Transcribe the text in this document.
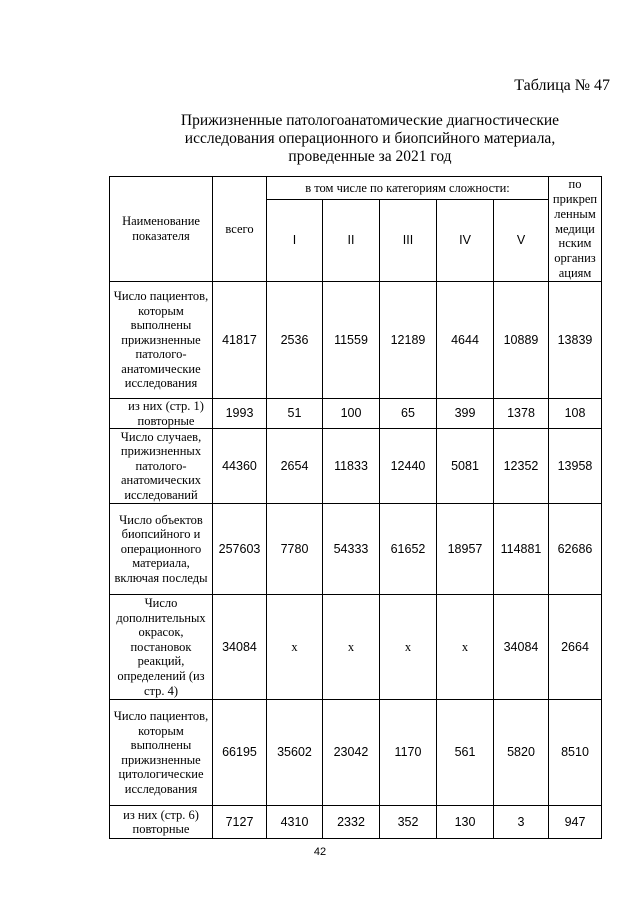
Таблица № 47
Прижизненные патологоанатомические диагностические
исследования операционного и биопсийного материала,
проведенные за 2021 год
Наименование показателя	всего	в том числе по категориям сложности:					по прикреп ленным медици нским организ ациям
		I	II	III	IV	V	
Число пациентов, которым выполнены прижизненные патолого-анатомические исследования	41817	2536	11559	12189	4644	10889	13839
из них (стр. 1) повторные	1993	51	100	65	399	1378	108
Число случаев, прижизненных патолого-анатомических исследований	44360	2654	11833	12440	5081	12352	13958
Число объектов биопсийного и операционного материала, включая последы	257603	7780	54333	61652	18957	114881	62686
Число дополнительных окрасок, постановок реакций, определений (из стр. 4)	34084	х	х	х	х	34084	2664
Число пациентов, которым выполнены прижизненные цитологические исследования	66195	35602	23042	1170	561	5820	8510
из них (стр. 6) повторные	7127	4310	2332	352	130	3	947
42
